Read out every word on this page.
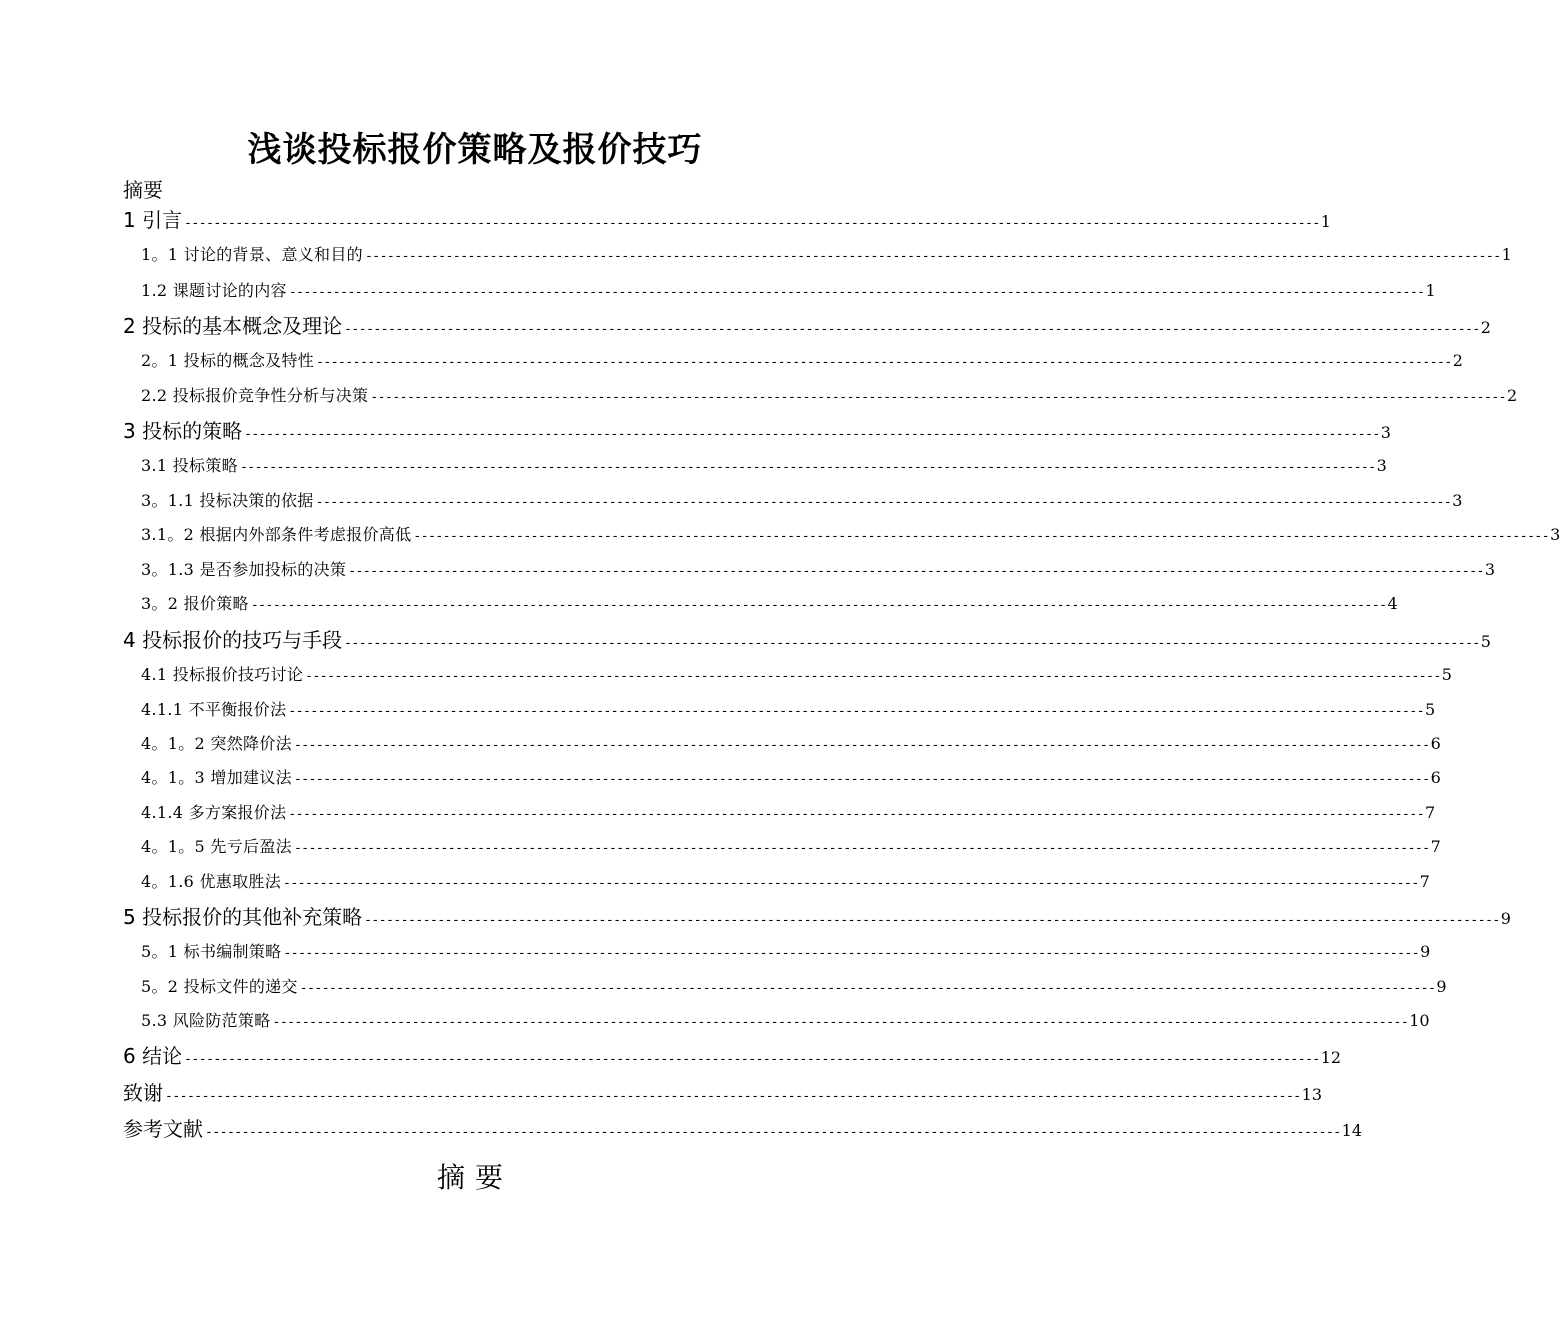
浅谈投标报价策略及报价技巧
摘要
1 引言 ----------------------------------------------------------------------------------------------------------------------------------------------------------- 1
1。1 讨论的背景、意义和目的 ----------------------------------------------------------------------------------------------------------------------------------------------------------- 1
1.2 课题讨论的内容 ----------------------------------------------------------------------------------------------------------------------------------------------------------- 1
2 投标的基本概念及理论 ----------------------------------------------------------------------------------------------------------------------------------------------------------- 2
2。1 投标的概念及特性 ----------------------------------------------------------------------------------------------------------------------------------------------------------- 2
2.2 投标报价竞争性分析与决策 ----------------------------------------------------------------------------------------------------------------------------------------------------------- 2
3 投标的策略 ----------------------------------------------------------------------------------------------------------------------------------------------------------- 3
3.1 投标策略 ----------------------------------------------------------------------------------------------------------------------------------------------------------- 3
3。1.1 投标决策的依据 ----------------------------------------------------------------------------------------------------------------------------------------------------------- 3
3.1。2 根据内外部条件考虑报价高低 ----------------------------------------------------------------------------------------------------------------------------------------------------------- 3
3。1.3 是否参加投标的决策 ----------------------------------------------------------------------------------------------------------------------------------------------------------- 3
3。2 报价策略 ----------------------------------------------------------------------------------------------------------------------------------------------------------- 4
4 投标报价的技巧与手段 ----------------------------------------------------------------------------------------------------------------------------------------------------------- 5
4.1 投标报价技巧讨论 ----------------------------------------------------------------------------------------------------------------------------------------------------------- 5
4.1.1 不平衡报价法 ----------------------------------------------------------------------------------------------------------------------------------------------------------- 5
4。1。2 突然降价法 ----------------------------------------------------------------------------------------------------------------------------------------------------------- 6
4。1。3 增加建议法 ----------------------------------------------------------------------------------------------------------------------------------------------------------- 6
4.1.4 多方案报价法 ----------------------------------------------------------------------------------------------------------------------------------------------------------- 7
4。1。5 先亏后盈法 ----------------------------------------------------------------------------------------------------------------------------------------------------------- 7
4。1.6 优惠取胜法 ----------------------------------------------------------------------------------------------------------------------------------------------------------- 7
5 投标报价的其他补充策略 ----------------------------------------------------------------------------------------------------------------------------------------------------------- 9
5。1 标书编制策略 ----------------------------------------------------------------------------------------------------------------------------------------------------------- 9
5。2 投标文件的递交 ----------------------------------------------------------------------------------------------------------------------------------------------------------- 9
5.3 风险防范策略 ----------------------------------------------------------------------------------------------------------------------------------------------------------- 10
6 结论 ----------------------------------------------------------------------------------------------------------------------------------------------------------- 12
致谢 ----------------------------------------------------------------------------------------------------------------------------------------------------------- 13
参考文献 ----------------------------------------------------------------------------------------------------------------------------------------------------------- 14
摘要
